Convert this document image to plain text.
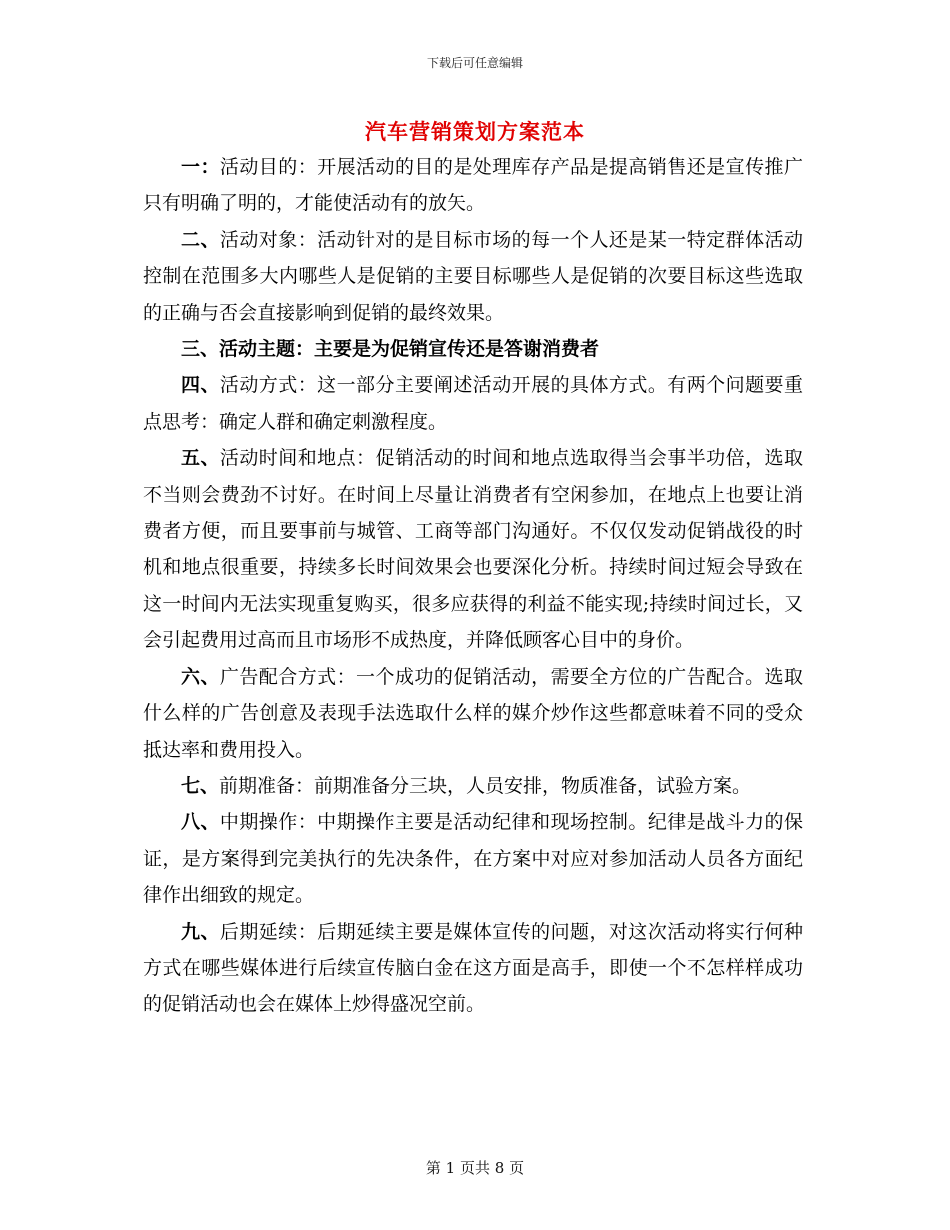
下载后可任意编辑
汽车营销策划方案范本

一：活动目的：开展活动的目的是处理库存产品是提高销售还是宣传推广只有明确了明的，才能使活动有的放矢。

二、活动对象：活动针对的是目标市场的每一个人还是某一特定群体活动控制在范围多大内哪些人是促销的主要目标哪些人是促销的次要目标这些选取的正确与否会直接影响到促销的最终效果。

三、活动主题：主要是为促销宣传还是答谢消费者

四、活动方式：这一部分主要阐述活动开展的具体方式。有两个问题要重点思考：确定人群和确定刺激程度。

五、活动时间和地点：促销活动的时间和地点选取得当会事半功倍，选取不当则会费劲不讨好。在时间上尽量让消费者有空闲参加，在地点上也要让消费者方便，而且要事前与城管、工商等部门沟通好。不仅仅发动促销战役的时机和地点很重要，持续多长时间效果会也要深化分析。持续时间过短会导致在这一时间内无法实现重复购买，很多应获得的利益不能实现;持续时间过长，又会引起费用过高而且市场形不成热度，并降低顾客心目中的身价。

六、广告配合方式：一个成功的促销活动，需要全方位的广告配合。选取什么样的广告创意及表现手法选取什么样的媒介炒作这些都意味着不同的受众抵达率和费用投入。

七、前期准备：前期准备分三块，人员安排，物质准备，试验方案。

八、中期操作：中期操作主要是活动纪律和现场控制。纪律是战斗力的保证，是方案得到完美执行的先决条件，在方案中对应对参加活动人员各方面纪律作出细致的规定。

九、后期延续：后期延续主要是媒体宣传的问题，对这次活动将实行何种方式在哪些媒体进行后续宣传脑白金在这方面是高手，即使一个不怎样样成功的促销活动也会在媒体上炒得盛况空前。

第 1 页共 8 页
